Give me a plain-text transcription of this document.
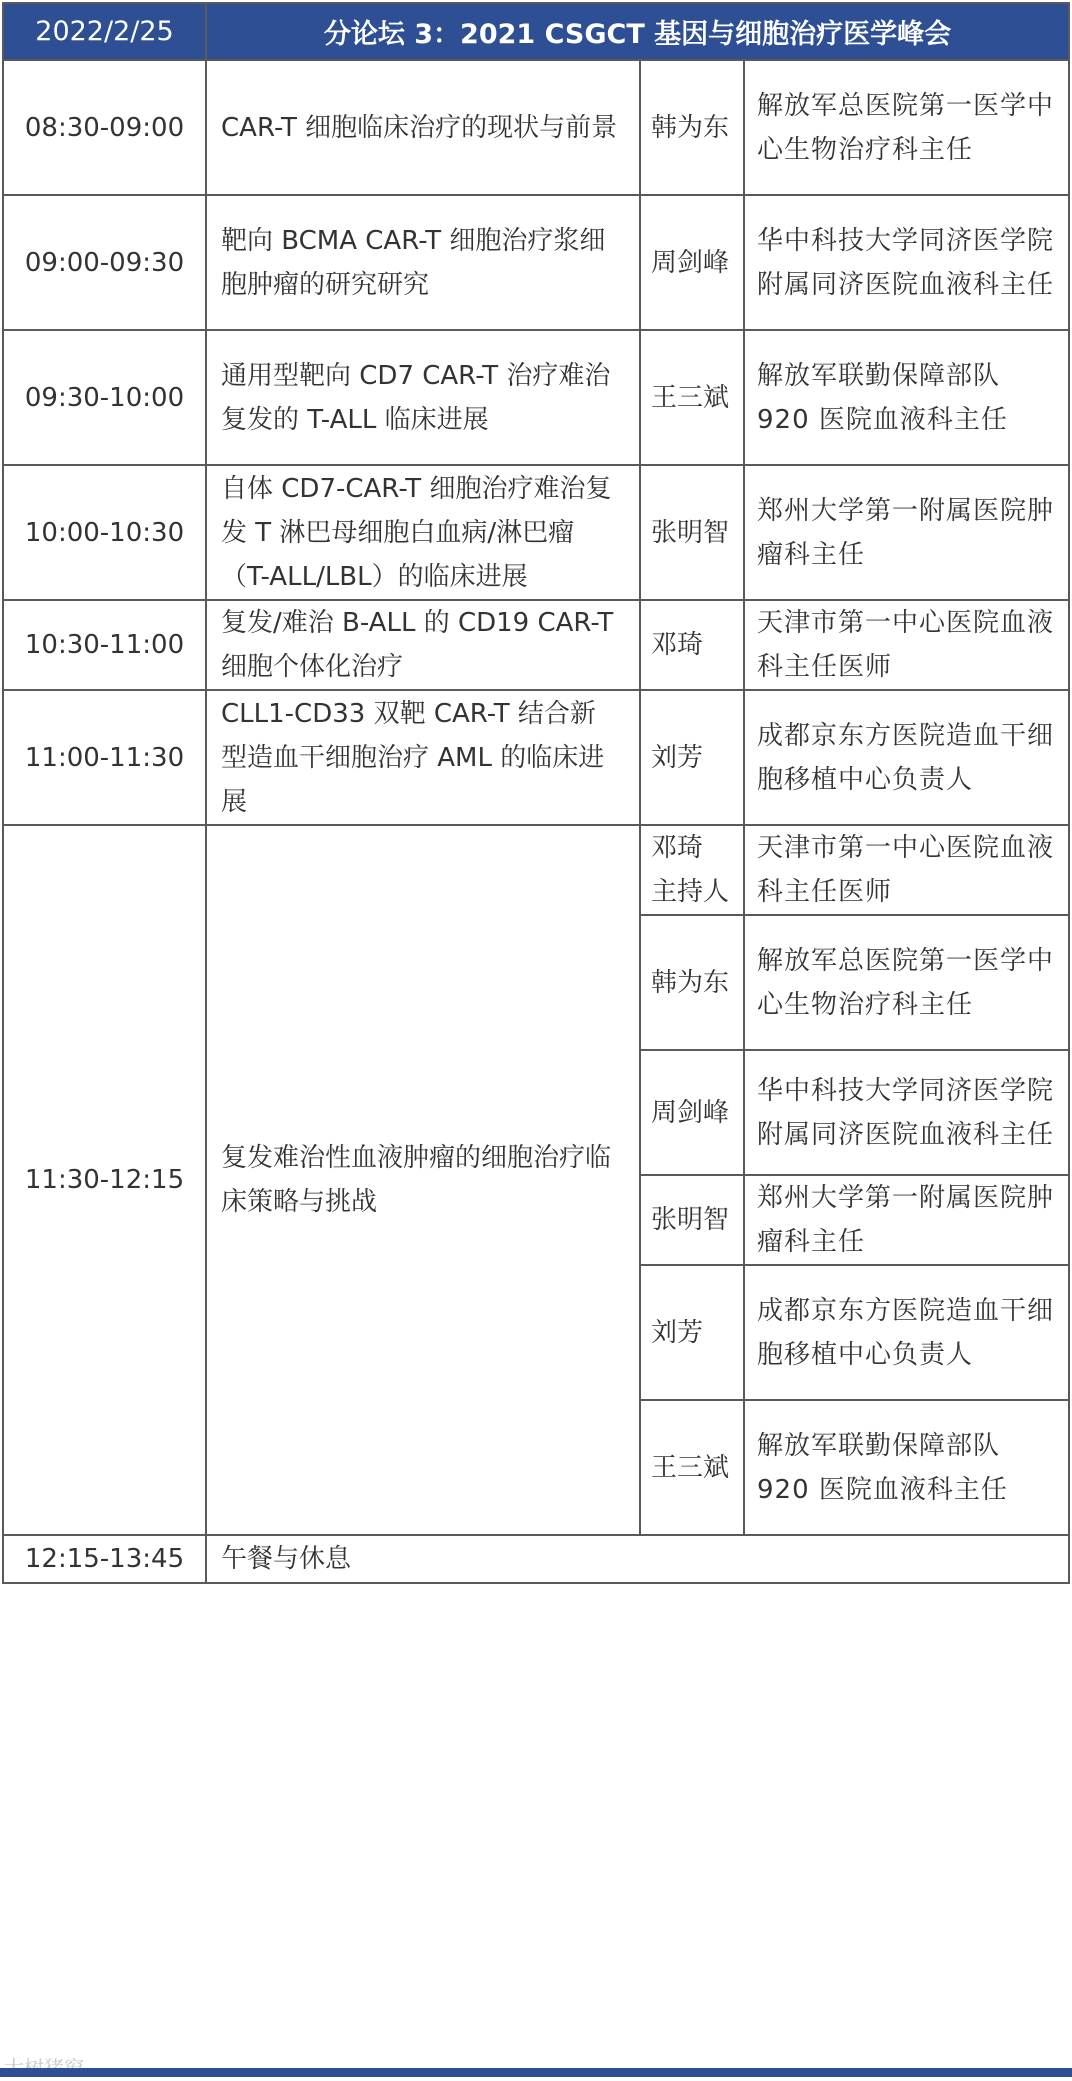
2022/2/25	分论坛 3：2021 CSGCT 基因与细胞治疗医学峰会		
08:30-09:00	CAR-T 细胞临床治疗的现状与前景	韩为东	解放军总医院第一医学中心生物治疗科主任
09:00-09:30	靶向 BCMA CAR-T 细胞治疗浆细胞肿瘤的研究研究	周剑峰	华中科技大学同济医学院附属同济医院血液科主任
09:30-10:00	通用型靶向 CD7 CAR-T 治疗难治复发的 T-ALL 临床进展	王三斌	解放军联勤保障部队 920 医院血液科主任
10:00-10:30	自体 CD7-CAR-T 细胞治疗难治复发 T 淋巴母细胞白血病/淋巴瘤（T-ALL/LBL）的临床进展	张明智	郑州大学第一附属医院肿瘤科主任
10:30-11:00	复发/难治 B-ALL 的 CD19 CAR-T 细胞个体化治疗	邓琦	天津市第一中心医院血液科主任医师
11:00-11:30	CLL1-CD33 双靶 CAR-T 结合新型造血干细胞治疗 AML 的临床进展	刘芳	成都京东方医院造血干细胞移植中心负责人
11:30-12:15	复发难治性血液肿瘤的细胞治疗临床策略与挑战	邓琦 主持人	天津市第一中心医院血液科主任医师
		韩为东	解放军总医院第一医学中心生物治疗科主任
		周剑峰	华中科技大学同济医学院附属同济医院血液科主任
		张明智	郑州大学第一附属医院肿瘤科主任
		刘芳	成都京东方医院造血干细胞移植中心负责人
		王三斌	解放军联勤保障部队 920 医院血液科主任
12:15-13:45	午餐与休息		
